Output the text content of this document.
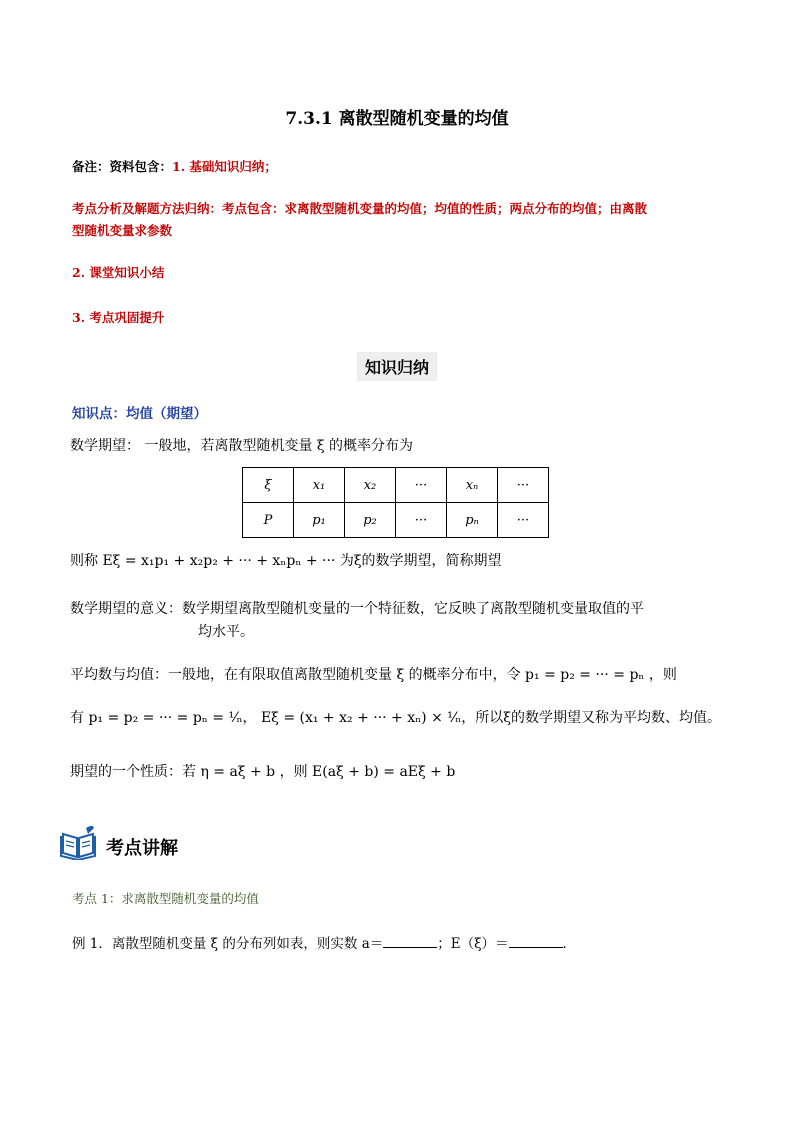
7.3.1 离散型随机变量的均值
备注：资料包含：1. 基础知识归纳；
考点分析及解题方法归纳：考点包含：求离散型随机变量的均值；均值的性质；两点分布的均值；由离散
型随机变量求参数
2. 课堂知识小结
3. 考点巩固提升
知识归纳
知识点：均值（期望）
数学期望： 一般地，若离散型随机变量 ξ 的概率分布为
ξ	x₁	x₂	···	xₙ	···
P	p₁	p₂	···	pₙ	···
则称 Eξ = x₁p₁ + x₂p₂ + ··· + xₙpₙ + ··· 为ξ的数学期望，简称期望
数学期望的意义：数学期望离散型随机变量的一个特征数，它反映了离散型随机变量取值的平
均水平。
平均数与均值：一般地，在有限取值离散型随机变量 ξ 的概率分布中，令 p₁ = p₂ = ··· = pₙ ，则
有 p₁ = p₂ = ··· = pₙ = ¹⁄ₙ， Eξ = (x₁ + x₂ + ··· + xₙ) × ¹⁄ₙ，所以ξ的数学期望又称为平均数、均值。
期望的一个性质：若 η = aξ + b ，则 E(aξ + b) = aEξ + b
考点讲解
考点 1：求离散型随机变量的均值
例 1．离散型随机变量 ξ 的分布列如表，则实数 a＝	；E（ξ）＝	．
